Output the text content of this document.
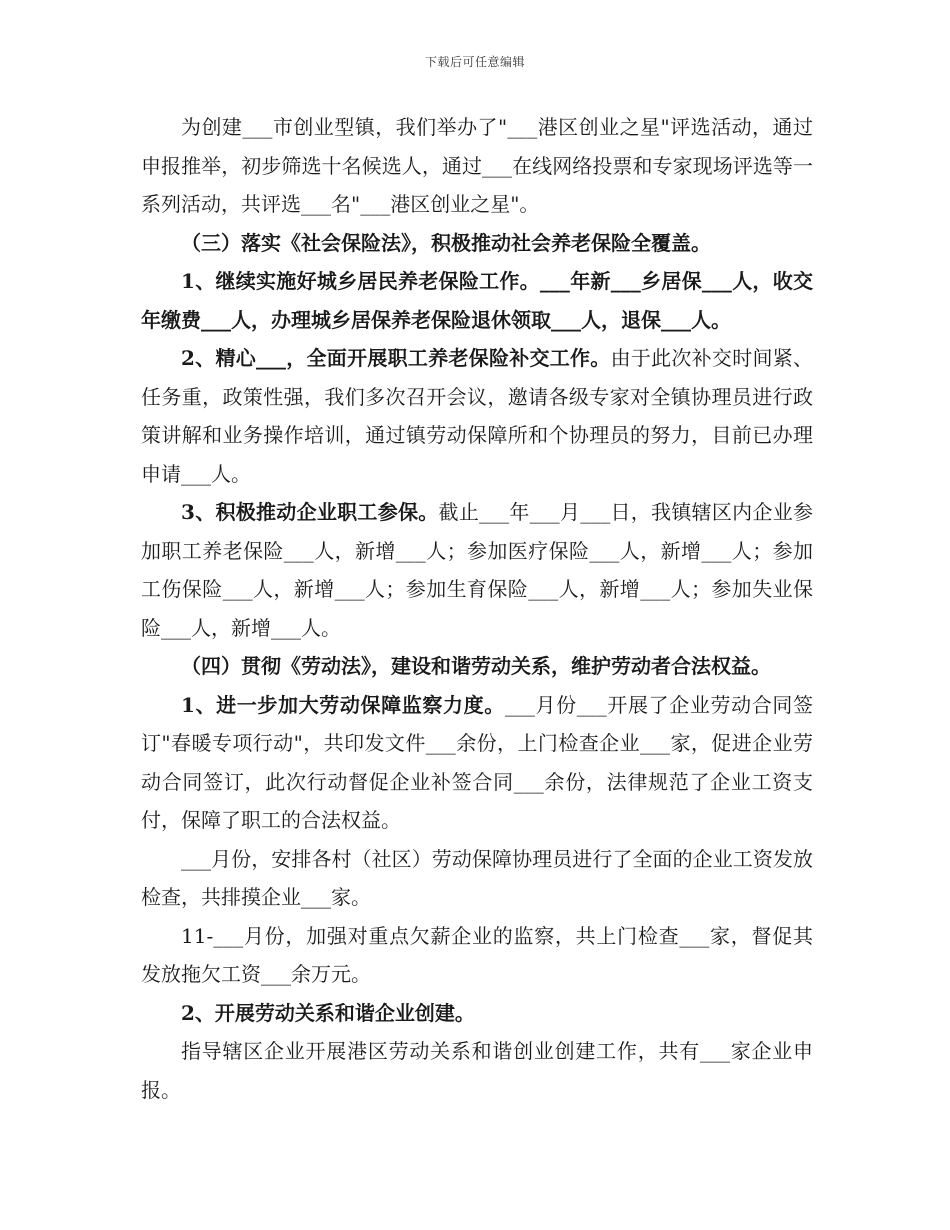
下载后可任意编辑

为创建___市创业型镇，我们举办了"___港区创业之星"评选活动，通过申报推举，初步筛选十名候选人，通过___在线网络投票和专家现场评选等一系列活动，共评选___名"___港区创业之星"。

（三）落实《社会保险法》，积极推动社会养老保险全覆盖。

1、继续实施好城乡居民养老保险工作。___年新___乡居保___人，收交年缴费___人，办理城乡居保养老保险退休领取___人，退保___人。

2、精心___，全面开展职工养老保险补交工作。由于此次补交时间紧、任务重，政策性强，我们多次召开会议，邀请各级专家对全镇协理员进行政策讲解和业务操作培训，通过镇劳动保障所和个协理员的努力，目前已办理申请___人。

3、积极推动企业职工参保。截止___年___月___日，我镇辖区内企业参加职工养老保险___人，新增___人；参加医疗保险___人，新增___人；参加工伤保险___人，新增___人；参加生育保险___人，新增___人；参加失业保险___人，新增___人。

（四）贯彻《劳动法》，建设和谐劳动关系，维护劳动者合法权益。

1、进一步加大劳动保障监察力度。___月份___开展了企业劳动合同签订"春暖专项行动"，共印发文件___余份，上门检查企业___家，促进企业劳动合同签订，此次行动督促企业补签合同___余份，法律规范了企业工资支付，保障了职工的合法权益。

___月份，安排各村（社区）劳动保障协理员进行了全面的企业工资发放检查，共排摸企业___家。

11-___月份，加强对重点欠薪企业的监察，共上门检查___家，督促其发放拖欠工资___余万元。

2、开展劳动关系和谐企业创建。

指导辖区企业开展港区劳动关系和谐创业创建工作，共有___家企业申报。
